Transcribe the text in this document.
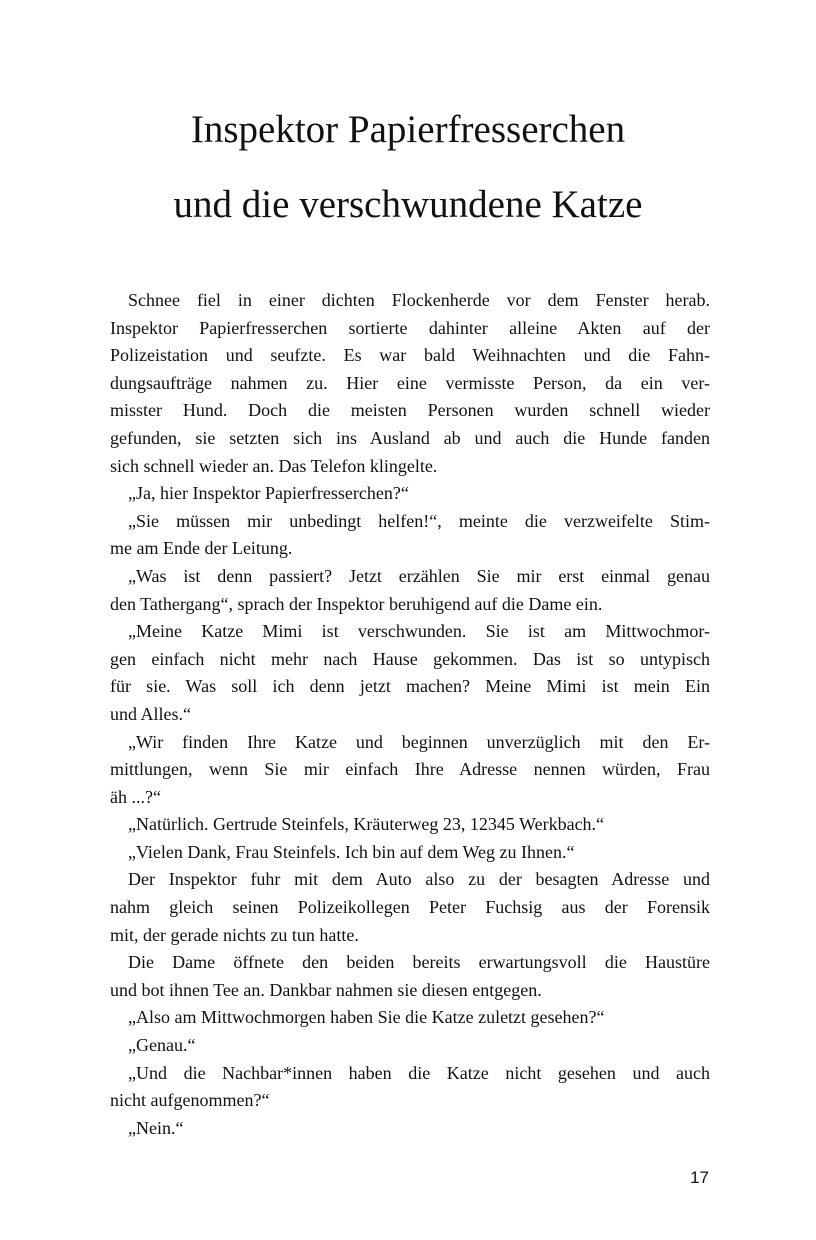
Inspektor Papierfresserchen
und die verschwundene Katze
Schnee fiel in einer dichten Flockenherde vor dem Fenster herab.
Inspektor Papierfresserchen sortierte dahinter alleine Akten auf der
Polizeistation und seufzte. Es war bald Weihnachten und die Fahn-
dungsaufträge nahmen zu. Hier eine vermisste Person, da ein ver-
misster Hund. Doch die meisten Personen wurden schnell wieder
gefunden, sie setzten sich ins Ausland ab und auch die Hunde fanden
sich schnell wieder an. Das Telefon klingelte.
„Ja, hier Inspektor Papierfresserchen?“
„Sie müssen mir unbedingt helfen!“, meinte die verzweifelte Stim-
me am Ende der Leitung.
„Was ist denn passiert? Jetzt erzählen Sie mir erst einmal genau
den Tathergang“, sprach der Inspektor beruhigend auf die Dame ein.
„Meine Katze Mimi ist verschwunden. Sie ist am Mittwochmor-
gen einfach nicht mehr nach Hause gekommen. Das ist so untypisch
für sie. Was soll ich denn jetzt machen? Meine Mimi ist mein Ein
und Alles.“
„Wir finden Ihre Katze und beginnen unverzüglich mit den Er-
mittlungen, wenn Sie mir einfach Ihre Adresse nennen würden, Frau
äh ...?“
„Natürlich. Gertrude Steinfels, Kräuterweg 23, 12345 Werkbach.“
„Vielen Dank, Frau Steinfels. Ich bin auf dem Weg zu Ihnen.“
Der Inspektor fuhr mit dem Auto also zu der besagten Adresse und
nahm gleich seinen Polizeikollegen Peter Fuchsig aus der Forensik
mit, der gerade nichts zu tun hatte.
Die Dame öffnete den beiden bereits erwartungsvoll die Haustüre
und bot ihnen Tee an. Dankbar nahmen sie diesen entgegen.
„Also am Mittwochmorgen haben Sie die Katze zuletzt gesehen?“
„Genau.“
„Und die Nachbar*innen haben die Katze nicht gesehen und auch
nicht aufgenommen?“
„Nein.“
17
